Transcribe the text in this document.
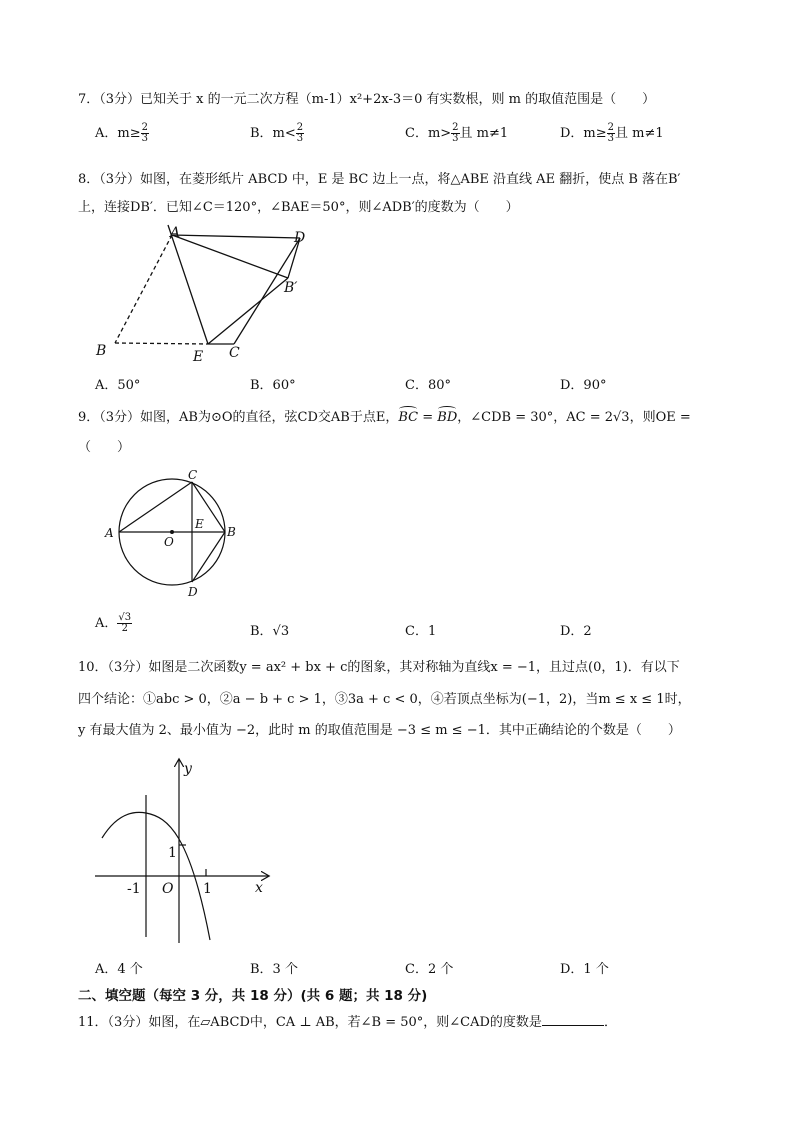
7．（3分）已知关于 x 的一元二次方程（m-1）x²+2x-3＝0 有实数根，则 m 的取值范围是（　　）
A．$m\ge \frac{2}{3}$	B．$m< \frac{2}{3}$	C．$m> \frac{2}{3}$ 且 m≠1	D．$m\ge \frac{2}{3}$ 且 m≠1
8．（3分）如图，在菱形纸片 ABCD 中，E 是 BC 边上一点，将△ABE 沿直线 AE 翻折，使点 B 落在B′
上，连接DB′．已知∠C＝120°，∠BAE＝50°，则∠ADB′的度数为（　　）
A	D
B′
B	E C
A．50°	B．60°	C．80°	D．90°
9．（3分）如图，AB为⊙O的直径，弦CD交AB于点E，BC = BD，∠CDB = 30°，AC = 2√3，则OE =
（　　）
A	B
C
D
E
O
A． $\frac{√3}{2}$	B．√3	C．1	D．2
10．（3分）如图是二次函数y = ax² + bx + c的图象，其对称轴为直线x = −1，且过点(0，1)．有以下
四个结论：①abc > 0，②a − b + c > 1，③3a + c < 0，④若顶点坐标为(−1，2)，当m ≤ x ≤ 1时，
y 有最大值为 2、最小值为 −2，此时 m 的取值范围是 −3 ≤ m ≤ −1．其中正确结论的个数是（　　）
y
x
O
-1	1
1
A．4 个	B．3 个	C．2 个	D．1 个
二、填空题（每空 3 分，共 18 分）(共 6 题；共 18 分)
11．（3分）如图，在▱ABCD中，CA ⊥ AB，若∠B = 50°，则∠CAD的度数是	．
